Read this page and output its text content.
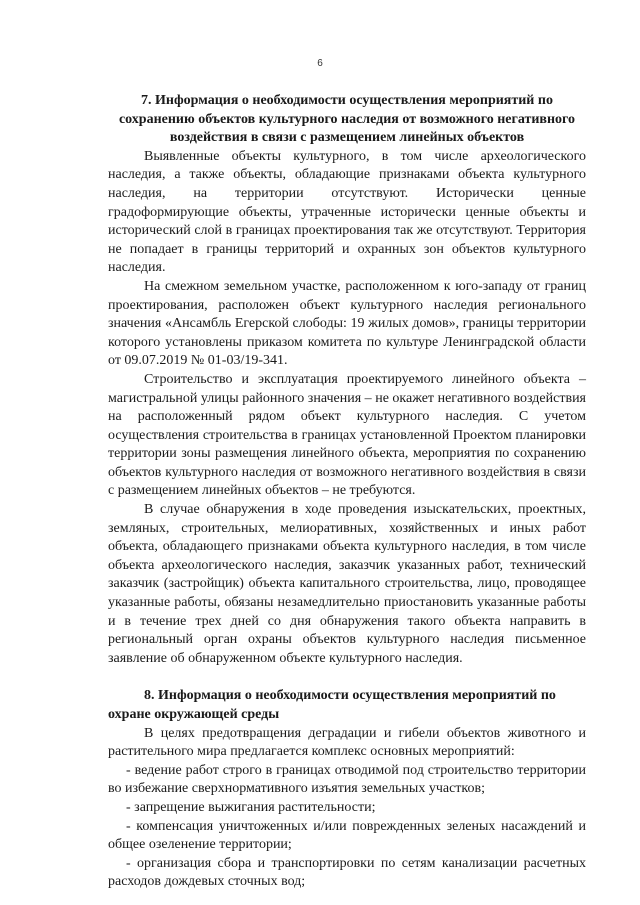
6

7. Информация о необходимости осуществления мероприятий по сохранению объектов культурного наследия от возможного негативного воздействия в связи с размещением линейных объектов

Выявленные объекты культурного, в том числе археологического наследия, а также объекты, обладающие признаками объекта культурного наследия, на территории отсутствуют. Исторически ценные градоформирующие объекты, утраченные исторически ценные объекты и исторический слой в границах проектирования так же отсутствуют. Территория не попадает в границы территорий и охранных зон объектов культурного наследия.

На смежном земельном участке, расположенном к юго-западу от границ проектирования, расположен объект культурного наследия регионального значения «Ансамбль Егерской слободы: 19 жилых домов», границы территории которого установлены приказом комитета по культуре Ленинградской области от 09.07.2019 № 01-03/19-341.

Строительство и эксплуатация проектируемого линейного объекта – магистральной улицы районного значения – не окажет негативного воздействия на расположенный рядом объект культурного наследия. С учетом осуществления строительства в границах установленной Проектом планировки территории зоны размещения линейного объекта, мероприятия по сохранению объектов культурного наследия от возможного негативного воздействия в связи с размещением линейных объектов – не требуются.

В случае обнаружения в ходе проведения изыскательских, проектных, земляных, строительных, мелиоративных, хозяйственных и иных работ объекта, обладающего признаками объекта культурного наследия, в том числе объекта археологического наследия, заказчик указанных работ, технический заказчик (застройщик) объекта капитального строительства, лицо, проводящее указанные работы, обязаны незамедлительно приостановить указанные работы и в течение трех дней со дня обнаружения такого объекта направить в региональный орган охраны объектов культурного наследия письменное заявление об обнаруженном объекте культурного наследия.

8. Информация о необходимости осуществления мероприятий по охране окружающей среды

В целях предотвращения деградации и гибели объектов животного и растительного мира предлагается комплекс основных мероприятий:

- ведение работ строго в границах отводимой под строительство территории во избежание сверхнормативного изъятия земельных участков;

- запрещение выжигания растительности;

- компенсация уничтоженных и/или поврежденных зеленых насаждений и общее озеленение территории;

- организация сбора и транспортировки по сетям канализации расчетных расходов дождевых сточных вод;
